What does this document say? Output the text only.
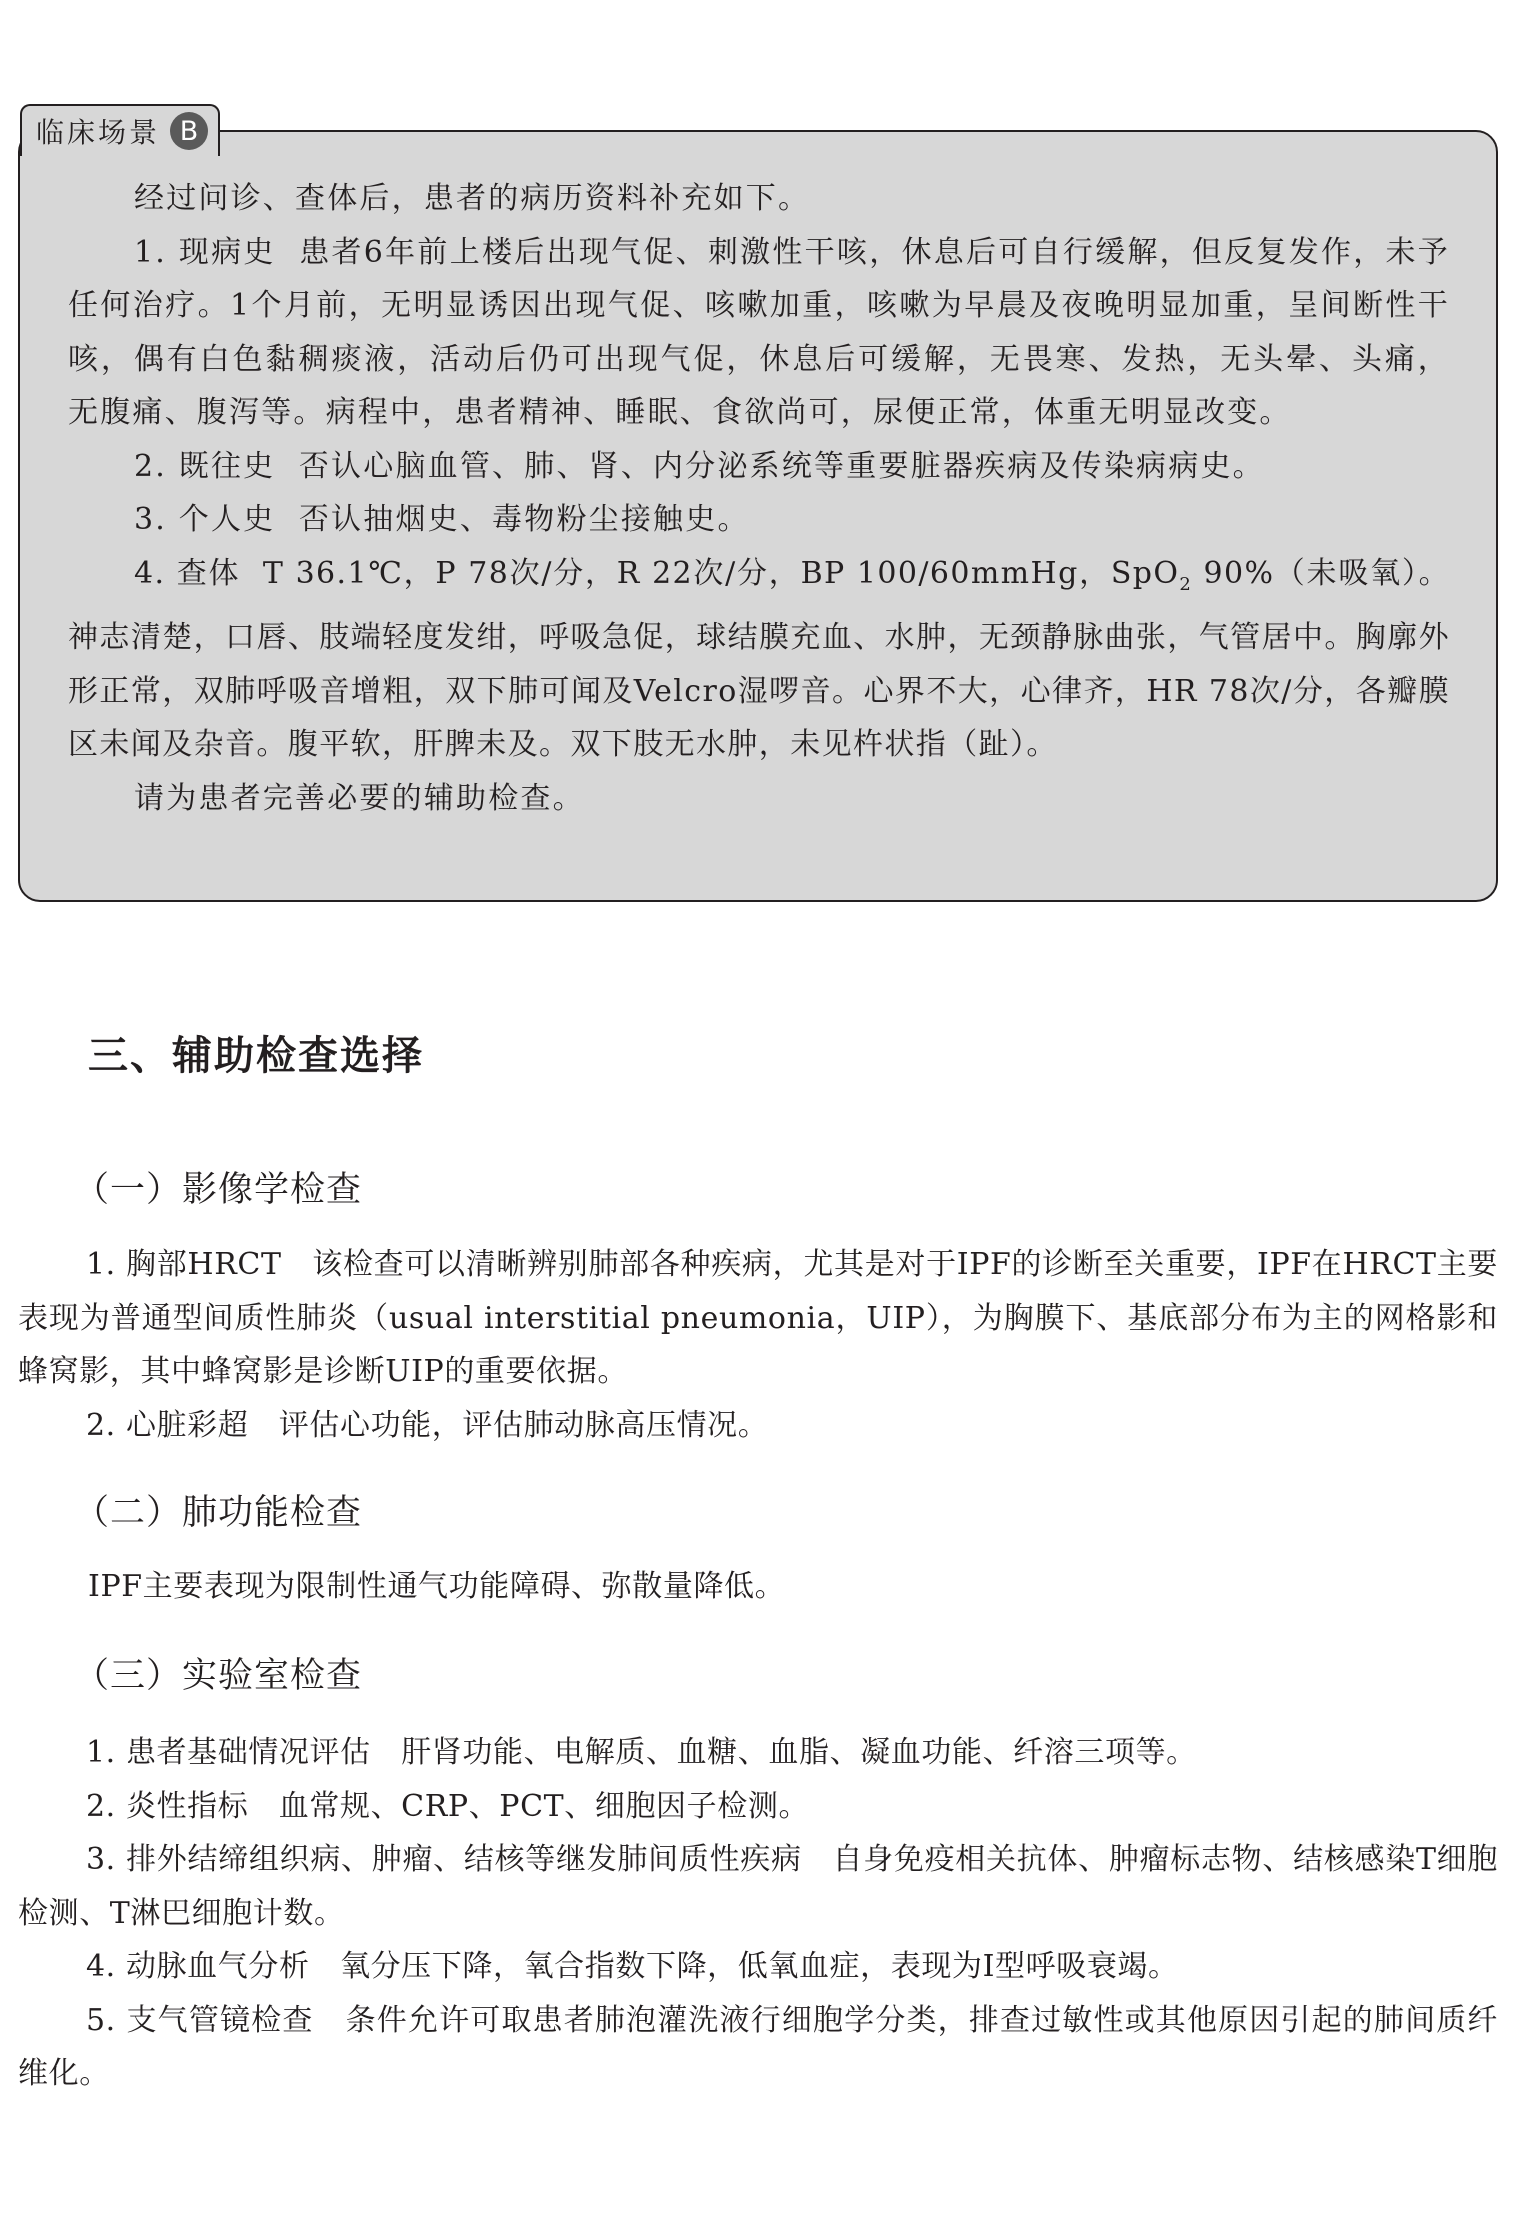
经过问诊、查体后，患者的病历资料补充如下。

1. 现病史 患者6年前上楼后出现气促、刺激性干咳，休息后可自行缓解，但反复发作，未予任何治疗。1个月前，无明显诱因出现气促、咳嗽加重，咳嗽为早晨及夜晚明显加重，呈间断性干咳，偶有白色黏稠痰液，活动后仍可出现气促，休息后可缓解，无畏寒、发热，无头晕、头痛，无腹痛、腹泻等。病程中，患者精神、睡眠、食欲尚可，尿便正常，体重无明显改变。

2. 既往史 否认心脑血管、肺、肾、内分泌系统等重要脏器疾病及传染病病史。

3. 个人史 否认抽烟史、毒物粉尘接触史。

4. 查体 T 36.1℃，P 78次/分，R 22次/分，BP 100/60mmHg，SpO$_2$ 90%（未吸氧）。神志清楚，口唇、肢端轻度发绀，呼吸急促，球结膜充血、水肿，无颈静脉曲张，气管居中。胸廓外形正常，双肺呼吸音增粗，双下肺可闻及Velcro湿啰音。心界不大，心律齐，HR 78次/分，各瓣膜区未闻及杂音。腹平软，肝脾未及。双下肢无水肿，未见杵状指（趾）。

请为患者完善必要的辅助检查。

临床场景 B
三、辅助检查选择
（一）影像学检查

1. 胸部HRCT 该检查可以清晰辨别肺部各种疾病，尤其是对于IPF的诊断至关重要，IPF在HRCT主要表现为普通型间质性肺炎（usual interstitial pneumonia，UIP），为胸膜下、基底部分布为主的网格影和蜂窝影，其中蜂窝影是诊断UIP的重要依据。

2. 心脏彩超 评估心功能，评估肺动脉高压情况。

（二）肺功能检查

IPF主要表现为限制性通气功能障碍、弥散量降低。

（三）实验室检查

1. 患者基础情况评估 肝肾功能、电解质、血糖、血脂、凝血功能、纤溶三项等。

2. 炎性指标 血常规、CRP、PCT、细胞因子检测。

3. 排外结缔组织病、肿瘤、结核等继发肺间质性疾病 自身免疫相关抗体、肿瘤标志物、结核感染T细胞检测、T淋巴细胞计数。

4. 动脉血气分析 氧分压下降，氧合指数下降，低氧血症，表现为Ⅰ型呼吸衰竭。

5. 支气管镜检查 条件允许可取患者肺泡灌洗液行细胞学分类，排查过敏性或其他原因引起的肺间质纤维化。
